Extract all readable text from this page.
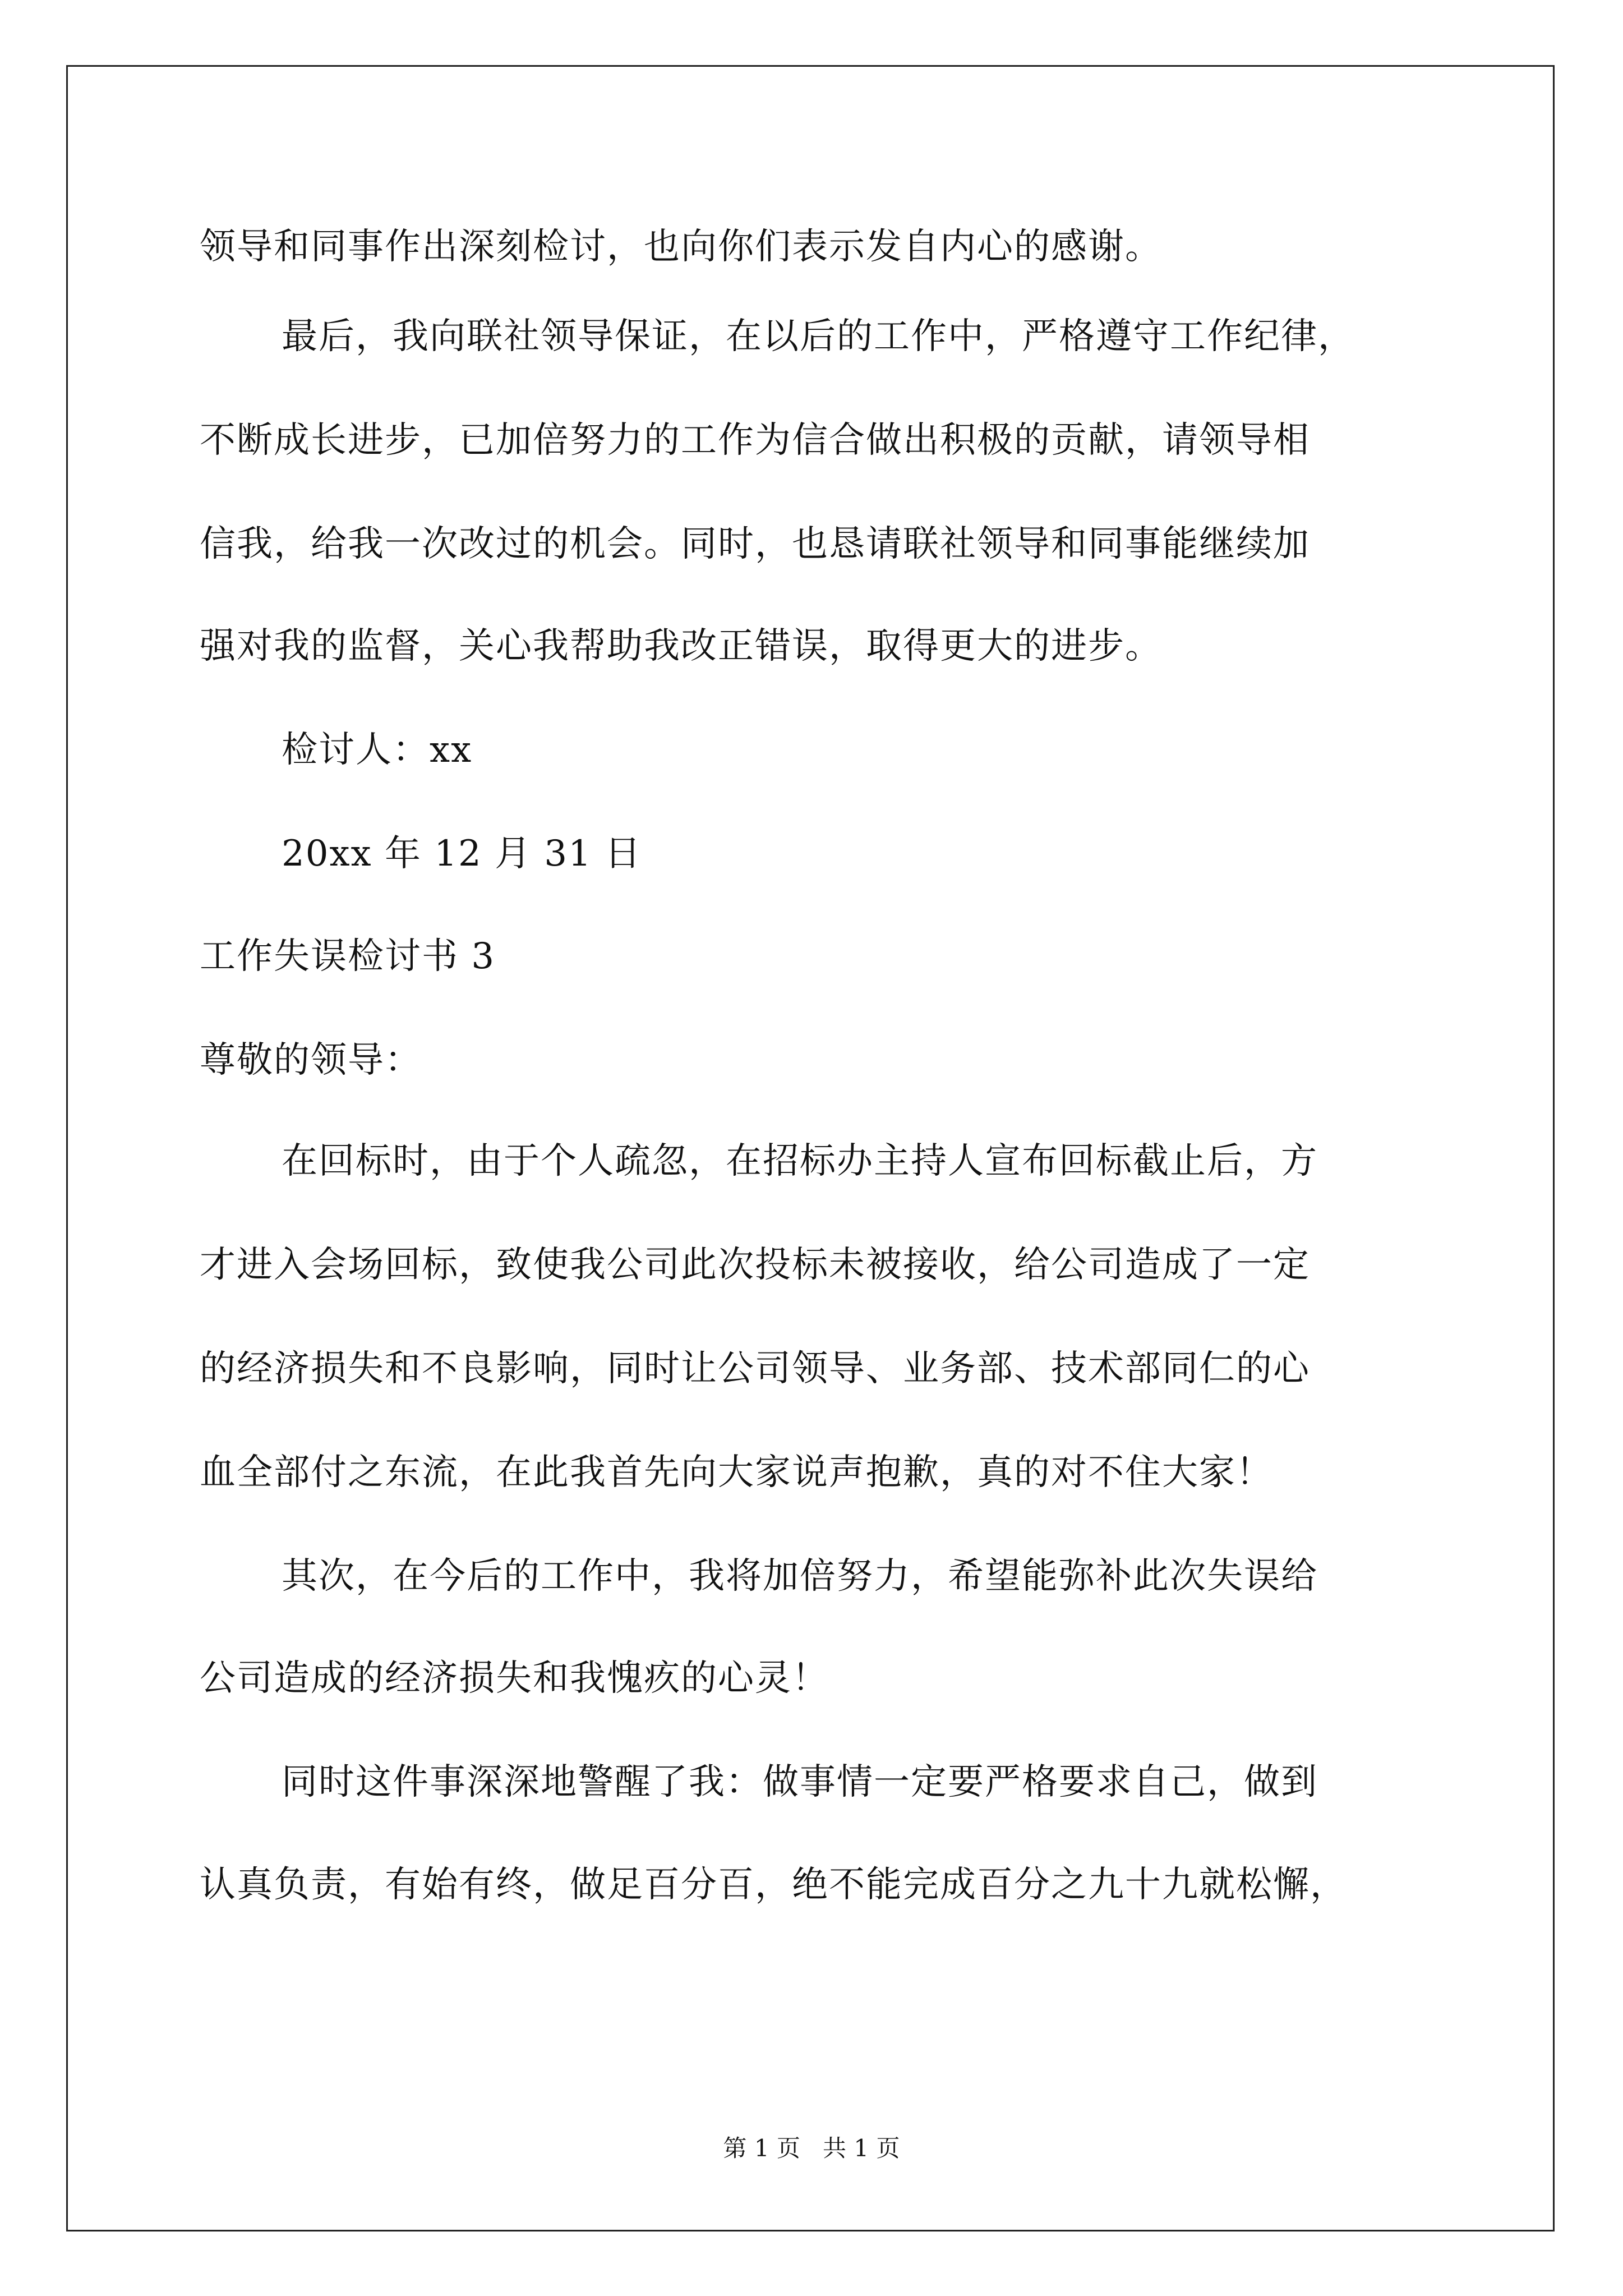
领导和同事作出深刻检讨，也向你们表示发自内心的感谢。
最后，我向联社领导保证，在以后的工作中，严格遵守工作纪律，
不断成长进步，已加倍努力的工作为信合做出积极的贡献，请领导相
信我，给我一次改过的机会。同时，也恳请联社领导和同事能继续加
强对我的监督，关心我帮助我改正错误，取得更大的进步。
检讨人：xx
20xx 年 12 月 31 日
工作失误检讨书 3
尊敬的领导：
在回标时，由于个人疏忽，在招标办主持人宣布回标截止后，方
才进入会场回标，致使我公司此次投标未被接收，给公司造成了一定
的经济损失和不良影响，同时让公司领导、业务部、技术部同仁的心
血全部付之东流，在此我首先向大家说声抱歉，真的对不住大家！
其次，在今后的工作中，我将加倍努力，希望能弥补此次失误给
公司造成的经济损失和我愧疚的心灵！
同时这件事深深地警醒了我：做事情一定要严格要求自己，做到
认真负责，有始有终，做足百分百，绝不能完成百分之九十九就松懈，
第 1 页   共 1 页
